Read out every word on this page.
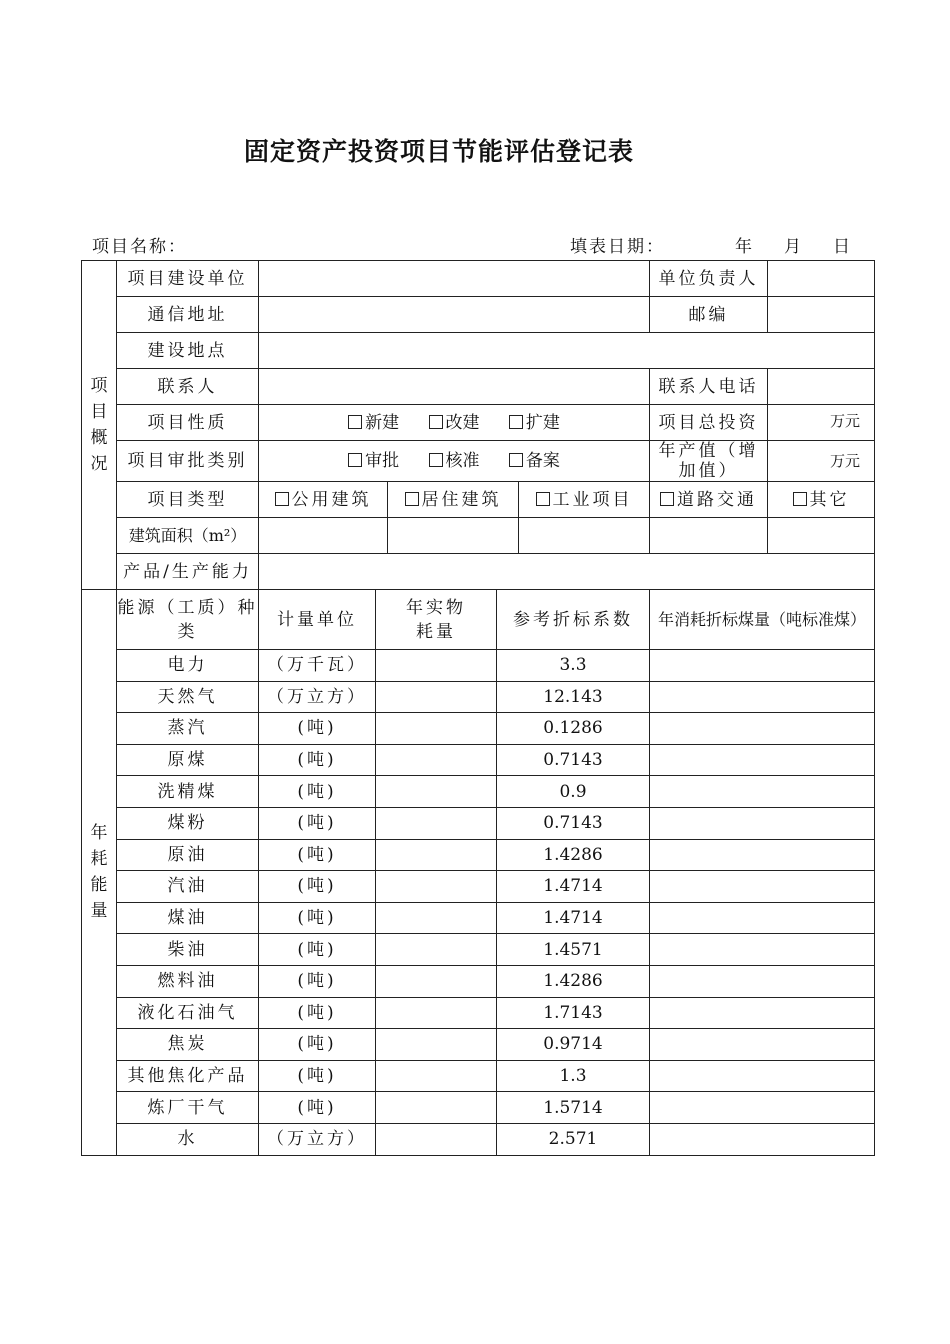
固定资产投资项目节能评估登记表
项目名称：	填表日期：	年 月 日
项
目
概
况	项目建设单位						单位负责人	
	通信地址						邮编	
	建设地点							
	联系人						联系人电话	
	项目性质	新建 改建 扩建					项目总投资	万元
	项目审批类别	审批 核准 备案					年产值（增加值）	万元
	项目类型	公用建筑		居住建筑		工业项目	道路交通	其它
	建筑面积（m²）							
	产品/生产能力							
年
耗
能
量	能源（工质）种类	计量单位	年实物耗量		参考折标系数		年消耗折标煤量（吨标准煤）	
	电力	（万千瓦）			3.3			
	天然气	（万立方）			12.143			
	蒸汽	(吨)			0.1286			
	原煤	(吨)			0.7143			
	洗精煤	(吨)			0.9			
	煤粉	(吨)			0.7143			
	原油	(吨)			1.4286			
	汽油	(吨)			1.4714			
	煤油	(吨)			1.4714			
	柴油	(吨)			1.4571			
	燃料油	(吨)			1.4286			
	液化石油气	(吨)			1.7143			
	焦炭	(吨)			0.9714			
	其他焦化产品	(吨)			1.3			
	炼厂干气	(吨)			1.5714			
	水	（万立方）			2.571			
